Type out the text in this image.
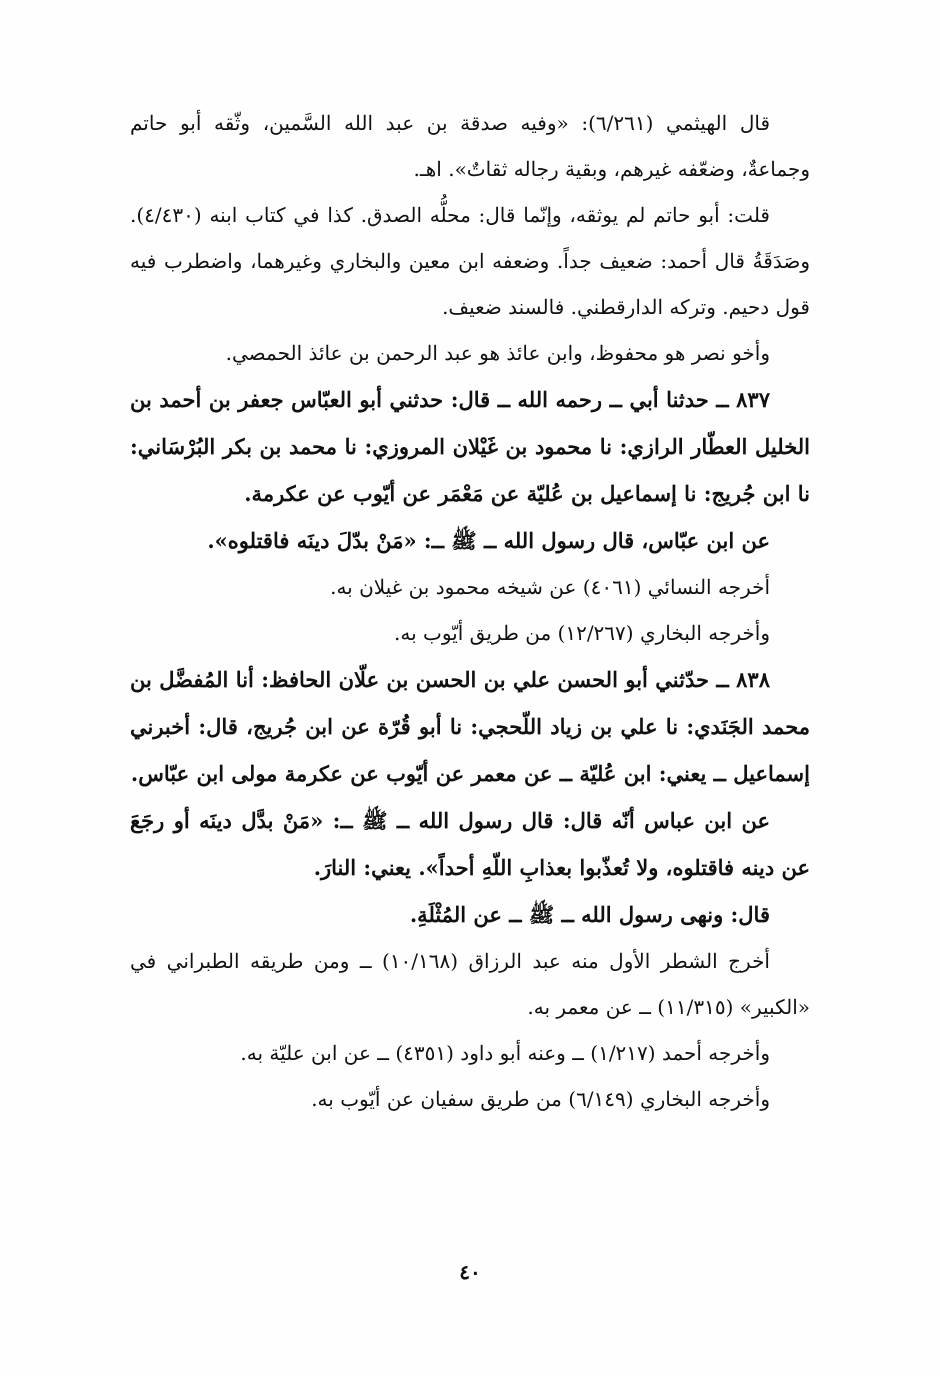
قال الهيثمي (٦/٢٦١): «وفيه صدقة بن عبد الله السَّمين، وثّقه أبو حاتم وجماعةٌ، وضعّفه غيرهم، وبقية رجاله ثقاتٌ». اهـ.

قلت: أبو حاتم لم يوثقه، وإنّما قال: محلُّه الصدق. كذا في كتاب ابنه (٤/٤٣٠). وصَدَقَةُ قال أحمد: ضعيف جداً. وضعفه ابن معين والبخاري وغيرهما، واضطرب فيه قول دحيم. وتركه الدارقطني. فالسند ضعيف.

وأخو نصر هو محفوظ، وابن عائذ هو عبد الرحمن بن عائذ الحمصي.

٨٣٧ ــ حدثنا أبي ــ رحمه الله ــ قال: حدثني أبو العبّاس جعفر بن أحمد بن الخليل العطّار الرازي: نا محمود بن غَيْلان المروزي: نا محمد بن بكر البُرْسَاني: نا ابن جُريج: نا إسماعيل بن عُليّة عن مَعْمَر عن أيّوب عن عكرمة.

عن ابن عبّاس، قال رسول الله ــ ﷺ ــ: «مَنْ بدّلَ دينَه فاقتلوه».

أخرجه النسائي (٤٠٦١) عن شيخه محمود بن غيلان به.

وأخرجه البخاري (١٢/٢٦٧) من طريق أيّوب به.

٨٣٨ ــ حدّثني أبو الحسن علي بن الحسن بن علّان الحافظ: أنا المُفضَّل بن محمد الجَنَدي: نا علي بن زياد اللّحجي: نا أبو قُرّة عن ابن جُريج، قال: أخبرني إسماعيل ــ يعني: ابن عُليّة ــ عن معمر عن أيّوب عن عكرمة مولى ابن عبّاس.

عن ابن عباس أنّه قال: قال رسول الله ــ ﷺ ــ: «مَنْ بدَّل دينَه أو رجَعَ عن دينه فاقتلوه، ولا تُعذّبوا بعذابِ اللّهِ أحداً». يعني: النارَ.

قال: ونهى رسول الله ــ ﷺ ــ عن المُثْلَةِ.

أخرج الشطر الأول منه عبد الرزاق (١٠/١٦٨) ــ ومن طريقه الطبراني في «الكبير» (١١/٣١٥) ــ عن معمر به.

وأخرجه أحمد (١/٢١٧) ــ وعنه أبو داود (٤٣٥١) ــ عن ابن عليّة به.

وأخرجه البخاري (٦/١٤٩) من طريق سفيان عن أيّوب به.

٤٠
